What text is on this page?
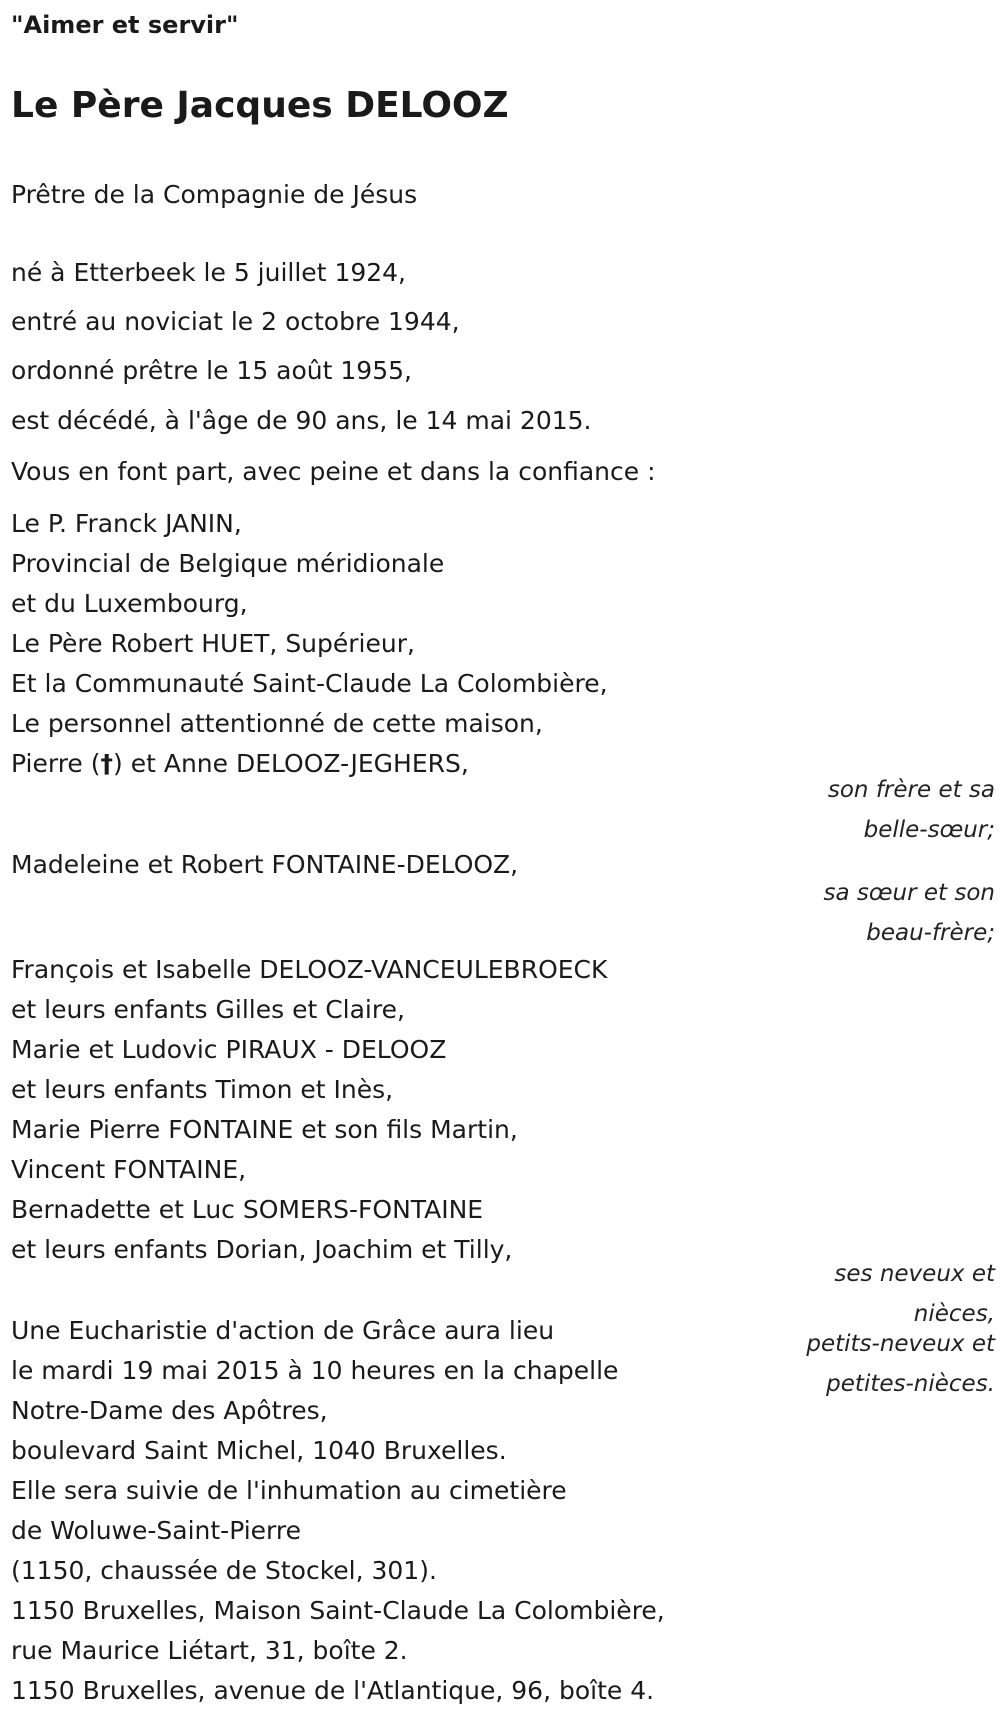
"Aimer et servir"
Le Père Jacques DELOOZ
Prêtre de la Compagnie de Jésus
né à Etterbeek le 5 juillet 1924,
entré au noviciat le 2 octobre 1944,
ordonné prêtre le 15 août 1955,
est décédé, à l'âge de 90 ans, le 14 mai 2015.
Vous en font part, avec peine et dans la confiance :
Le P. Franck JANIN,
Provincial de Belgique méridionale
et du Luxembourg,
Le Père Robert HUET, Supérieur,
Et la Communauté Saint-Claude La Colombière,
Le personnel attentionné de cette maison,
Pierre (†) et Anne DELOOZ-JEGHERS,
Madeleine et Robert FONTAINE-DELOOZ,
François et Isabelle DELOOZ-VANCEULEBROECK
et leurs enfants Gilles et Claire,
Marie et Ludovic PIRAUX - DELOOZ
et leurs enfants Timon et Inès,
Marie Pierre FONTAINE et son fils Martin,
Vincent FONTAINE,
Bernadette et Luc SOMERS-FONTAINE
et leurs enfants Dorian, Joachim et Tilly,
Une Eucharistie d'action de Grâce aura lieu
le mardi 19 mai 2015 à 10 heures en la chapelle
Notre-Dame des Apôtres,
boulevard Saint Michel, 1040 Bruxelles.
Elle sera suivie de l'inhumation au cimetière
de Woluwe-Saint-Pierre
(1150, chaussée de Stockel, 301).
1150 Bruxelles, Maison Saint-Claude La Colombière,
rue Maurice Liétart, 31, boîte 2.
1150 Bruxelles, avenue de l'Atlantique, 96, boîte 4.
son frère et sa
belle-sœur;
sa sœur et son
beau-frère;
ses neveux et
nièces,
petits-neveux et
petites-nièces.
